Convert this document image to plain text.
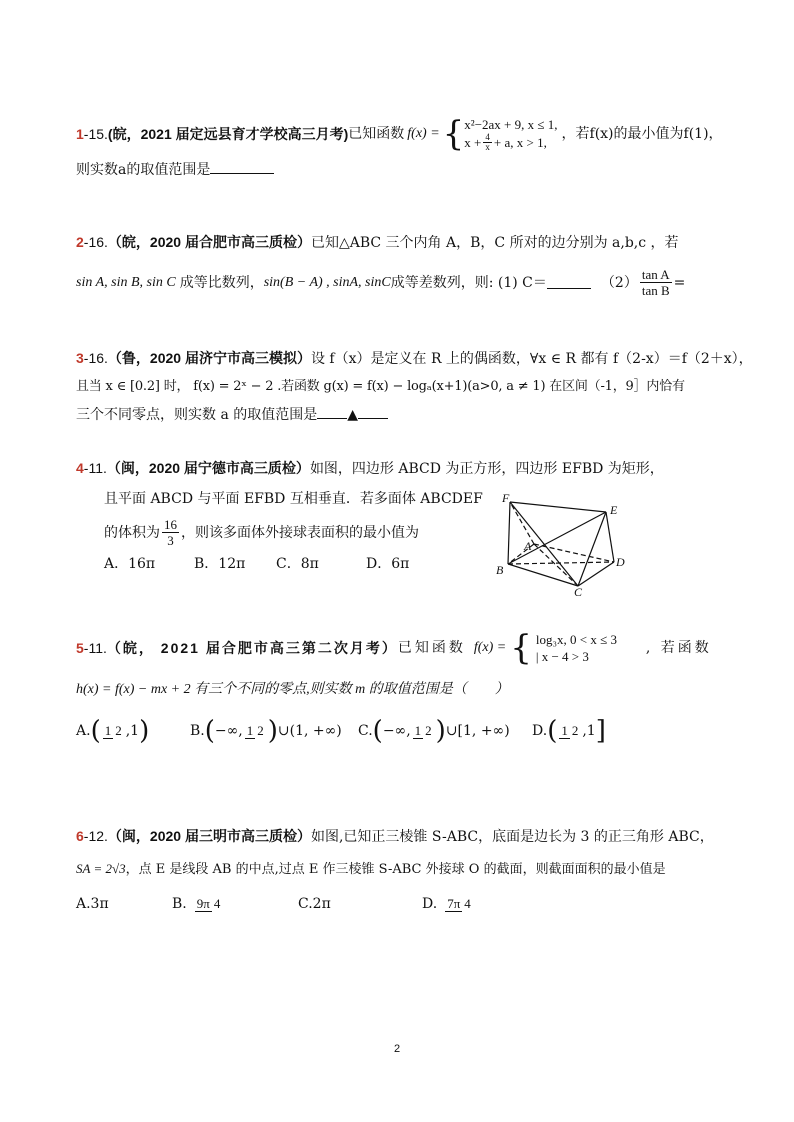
1 -15. (皖，2021 届定远县育才学校高三月考) 已知函数 f(x) = { x²−2ax + 9, x ≤ 1,
$x + \frac{4}{x} + a$, x > 1,
，若f(x)的最小值为f(1)，
则实数a的取值范围是
2-16.（皖，2020 届合肥市高三质检）已知△ABC 三个内角 A，B，C 所对的边分别为 a,b,c ，若
sin A, sin B, sin C 成等比数列， sin(B − A) , sinA, sinC 成等差数列，则: (1) C＝	$(2) \frac{\text{tan A}}{\text{tan B}}$ =
3-16.（鲁，2020 届济宁市高三模拟）设 f（x）是定义在 R 上的偶函数，∀x ∈ R 都有 f（2-x）＝f（2＋x），
且当 x ∈ [0.2] 时， f(x) = 2ˣ − 2 .若函数 g(x) = f(x) − logₐ(x+1)(a>0, a ≠ 1) 在区间（-1，9］内恰有
三个不同零点，则实数 a 的取值范围是 ▲
4-11.（闽，2020 届宁德市高三质检）如图，四边形 ABCD 为正方形，四边形 EFBD 为矩形，
且平面 ABCD 与平面 EFBD 互相垂直．若多面体 ABCDEF
的体积为 $\frac{16}{3}$ ，则该多面体外接球表面积的最小值为
A．16π	B．12π C．8π	D．6π
F
E
A
B
C
D
5 -11. （皖， 2021 届合肥市高三第二次月考） 已知函数 f(x) = { log₃x, 0 < x ≤ 3
| x − 4 > 3
, 若函数
h(x) = f(x) − mx + 2 有三个不同的零点,则实数 m 的取值范围是（　　）
A. ( 1 2 ,1 )	B. ( −∞, 1 2 ) ∪(1, +∞) C. ( −∞, 1 2 ) ∪[1, +∞) D. ( 1 2 ,1 ]
6-12.（闽，2020 届三明市高三质检）如图,已知正三棱锥 S-ABC，底面是边长为 3 的正三角形 ABC，
SA = 2√3，点 E 是线段 AB 的中点,过点 E 作三棱锥 S-ABC 外接球 O 的截面，则截面面积的最小值是
A.3π	B. 9π 4	C.2π	D. 7π 4
2
